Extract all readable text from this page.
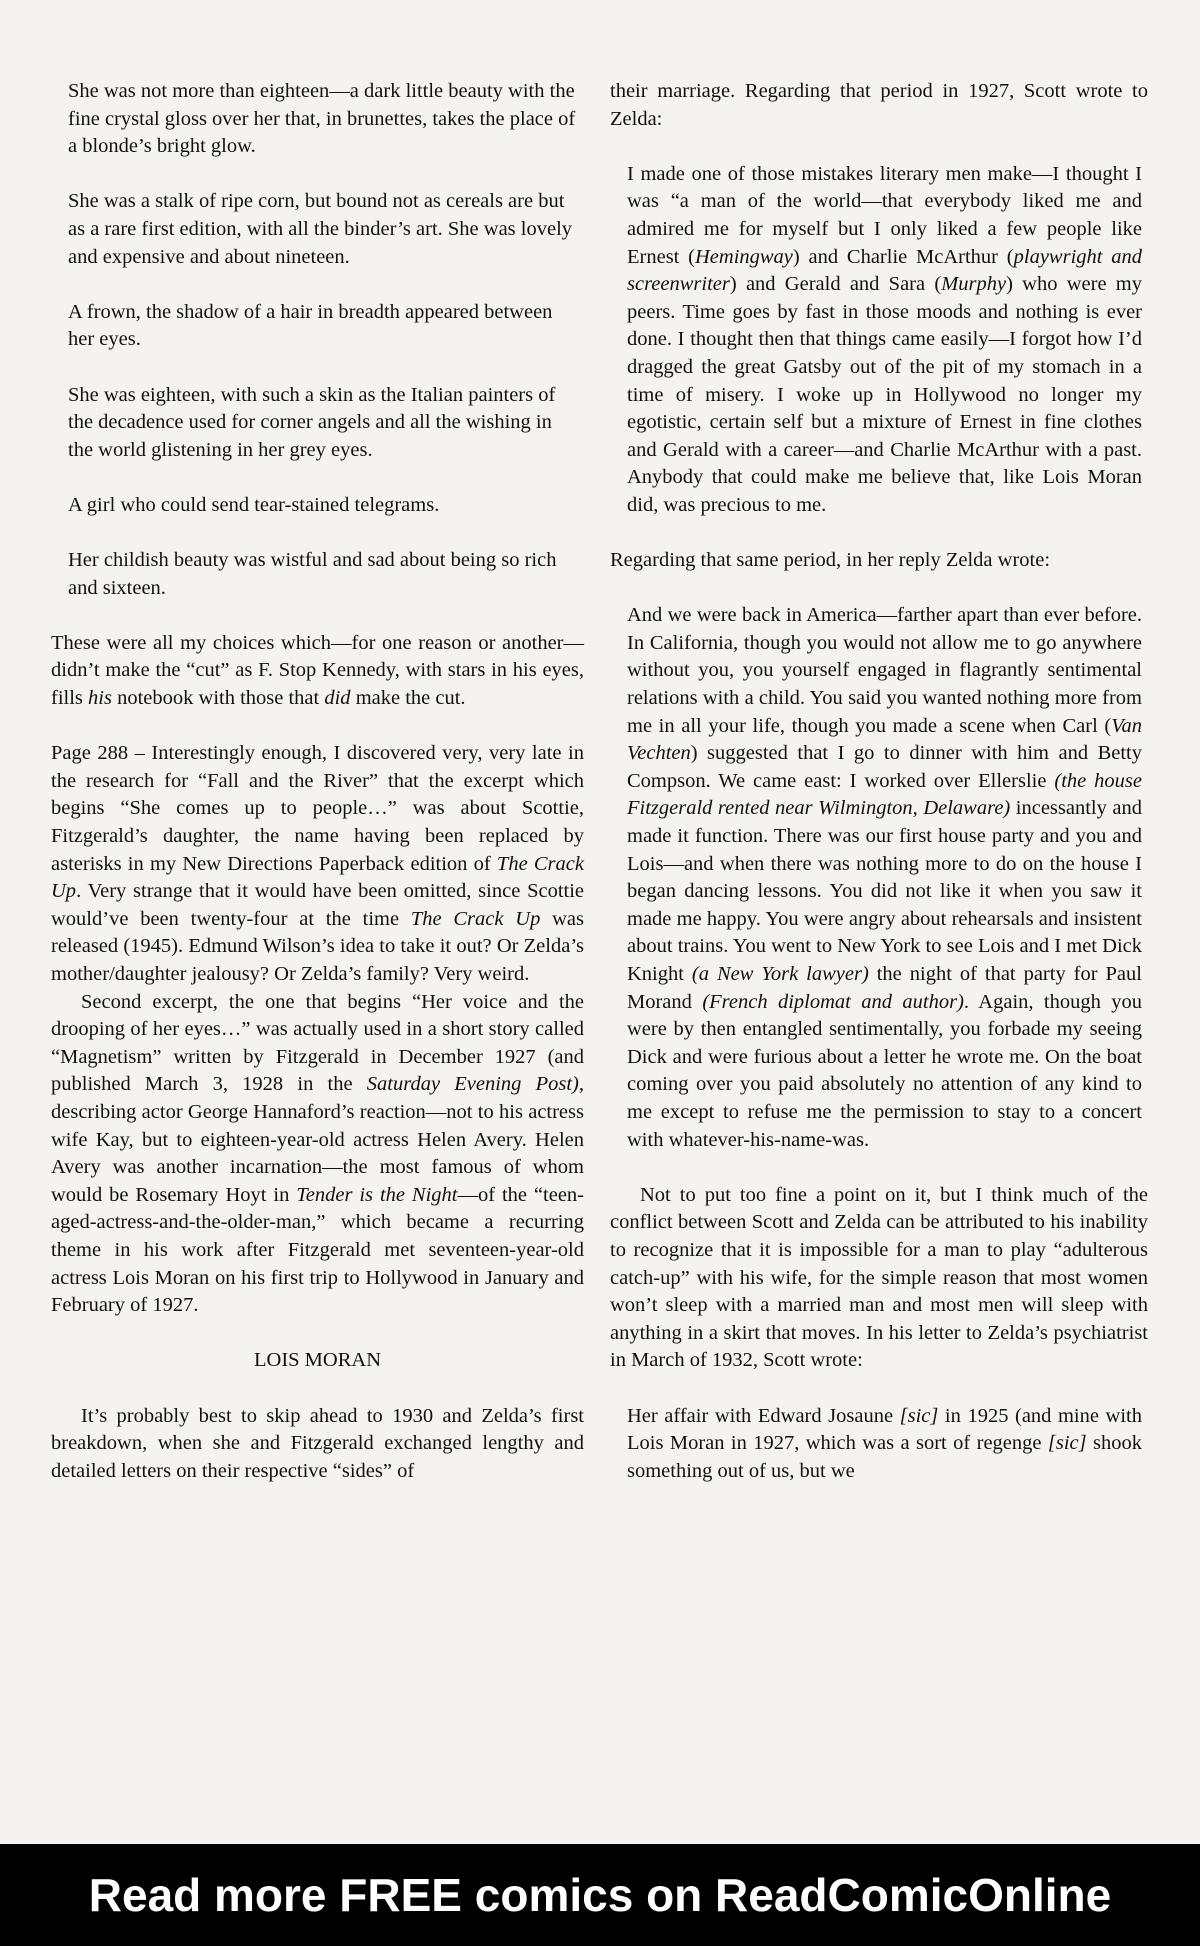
She was not more than eighteen—a dark little beauty with the fine crystal gloss over her that, in brunettes, takes the place of a blonde’s bright glow.

She was a stalk of ripe corn, but bound not as cereals are but as a rare first edition, with all the binder’s art. She was lovely and expensive and about nineteen.

A frown, the shadow of a hair in breadth appeared between her eyes.

She was eighteen, with such a skin as the Italian painters of the decadence used for corner angels and all the wishing in the world glistening in her grey eyes.

A girl who could send tear-stained telegrams.

Her childish beauty was wistful and sad about being so rich and sixteen.

These were all my choices which—for one reason or another—didn’t make the “cut” as F. Stop Kennedy, with stars in his eyes, fills his notebook with those that did make the cut.

Page 288 – Interestingly enough, I discovered very, very late in the research for “Fall and the River” that the excerpt which begins “She comes up to people…” was about Scottie, Fitzgerald’s daughter, the name having been replaced by asterisks in my New Directions Paperback edition of The Crack Up. Very strange that it would have been omitted, since Scottie would’ve been twenty-four at the time The Crack Up was released (1945). Edmund Wilson’s idea to take it out? Or Zelda’s mother/daughter jealousy? Or Zelda’s family? Very weird.

Second excerpt, the one that begins “Her voice and the drooping of her eyes…” was actually used in a short story called “Magnetism” written by Fitzgerald in December 1927 (and published March 3, 1928 in the Saturday Evening Post), describing actor George Hannaford’s reaction—not to his actress wife Kay, but to eighteen-year-old actress Helen Avery. Helen Avery was another incarnation—the most famous of whom would be Rosemary Hoyt in Tender is the Night—of the “teen-aged-actress-and-the-older-man,” which became a recurring theme in his work after Fitzgerald met seventeen-year-old actress Lois Moran on his first trip to Hollywood in January and February of 1927.

LOIS MORAN

It’s probably best to skip ahead to 1930 and Zelda’s first breakdown, when she and Fitzgerald exchanged lengthy and detailed letters on their respective “sides” of

their marriage. Regarding that period in 1927, Scott wrote to Zelda:

I made one of those mistakes literary men make—I thought I was “a man of the world—that everybody liked me and admired me for myself but I only liked a few people like Ernest (Hemingway) and Charlie McArthur (playwright and screenwriter) and Gerald and Sara (Murphy) who were my peers. Time goes by fast in those moods and nothing is ever done. I thought then that things came easily—I forgot how I’d dragged the great Gatsby out of the pit of my stomach in a time of misery. I woke up in Hollywood no longer my egotistic, certain self but a mixture of Ernest in fine clothes and Gerald with a career—and Charlie McArthur with a past. Anybody that could make me believe that, like Lois Moran did, was precious to me.

Regarding that same period, in her reply Zelda wrote:

And we were back in America—farther apart than ever before. In California, though you would not allow me to go anywhere without you, you yourself engaged in flagrantly sentimental relations with a child. You said you wanted nothing more from me in all your life, though you made a scene when Carl (Van Vechten) suggested that I go to dinner with him and Betty Compson. We came east: I worked over Ellerslie (the house Fitzgerald rented near Wilmington, Delaware) incessantly and made it function. There was our first house party and you and Lois—and when there was nothing more to do on the house I began dancing lessons. You did not like it when you saw it made me happy. You were angry about rehearsals and insistent about trains. You went to New York to see Lois and I met Dick Knight (a New York lawyer) the night of that party for Paul Morand (French diplomat and author). Again, though you were by then entangled sentimentally, you forbade my seeing Dick and were furious about a letter he wrote me. On the boat coming over you paid absolutely no attention of any kind to me except to refuse me the permission to stay to a concert with whatever-his-name-was.

Not to put too fine a point on it, but I think much of the conflict between Scott and Zelda can be attributed to his inability to recognize that it is impossible for a man to play “adulterous catch-up” with his wife, for the simple reason that most women won’t sleep with a married man and most men will sleep with anything in a skirt that moves. In his letter to Zelda’s psychiatrist in March of 1932, Scott wrote:

Her affair with Edward Josaune [sic] in 1925 (and mine with Lois Moran in 1927, which was a sort of regenge [sic] shook something out of us, but we

Read more FREE comics on ReadComicOnline
